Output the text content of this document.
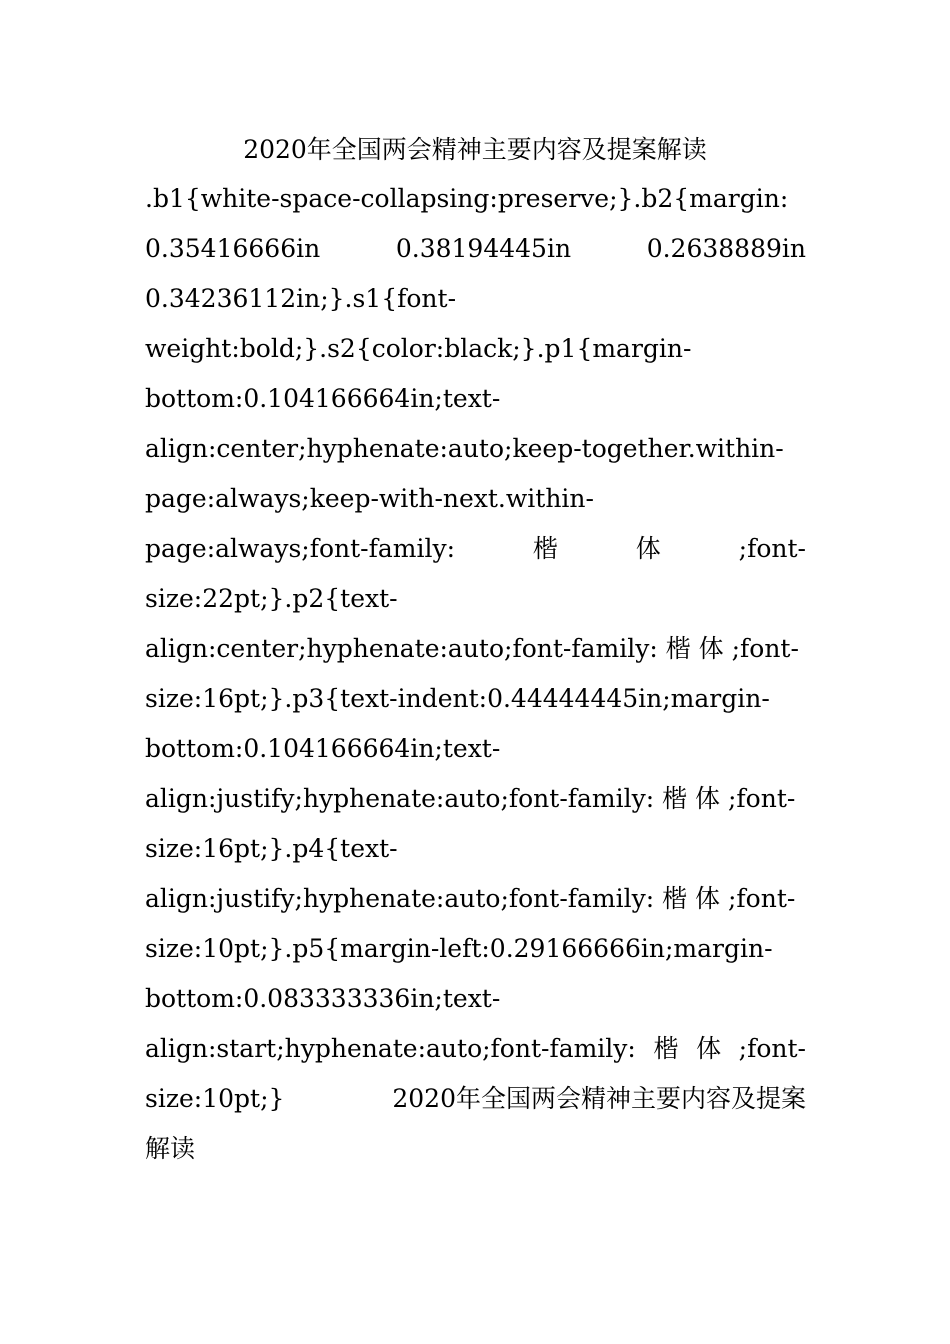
2020年全国两会精神主要内容及提案解读
.b1{white-space-collapsing:preserve;}.b2{margin:
0.35416666in	0.38194445in	0.2638889in
0.34236112in;}.s1{font-
weight:bold;}.s2{color:black;}.p1{margin-
bottom:0.104166664in;text-
align:center;hyphenate:auto;keep-together.within-
page:always;keep-with-next.within-
page:always;font-family:	楷	体	;font-
size:22pt;}.p2{text-
align:center;hyphenate:auto;font-family: 楷 体 ;font-
size:16pt;}.p3{text-indent:0.44444445in;margin-
bottom:0.104166664in;text-
align:justify;hyphenate:auto;font-family: 楷 体 ;font-
size:16pt;}.p4{text-
align:justify;hyphenate:auto;font-family: 楷 体 ;font-
size:10pt;}.p5{margin-left:0.29166666in;margin-
bottom:0.083333336in;text-
align:start;hyphenate:auto;font-family: 楷 体 ;font-
size:10pt;}	2020年全国两会精神主要内容及提案
解读
